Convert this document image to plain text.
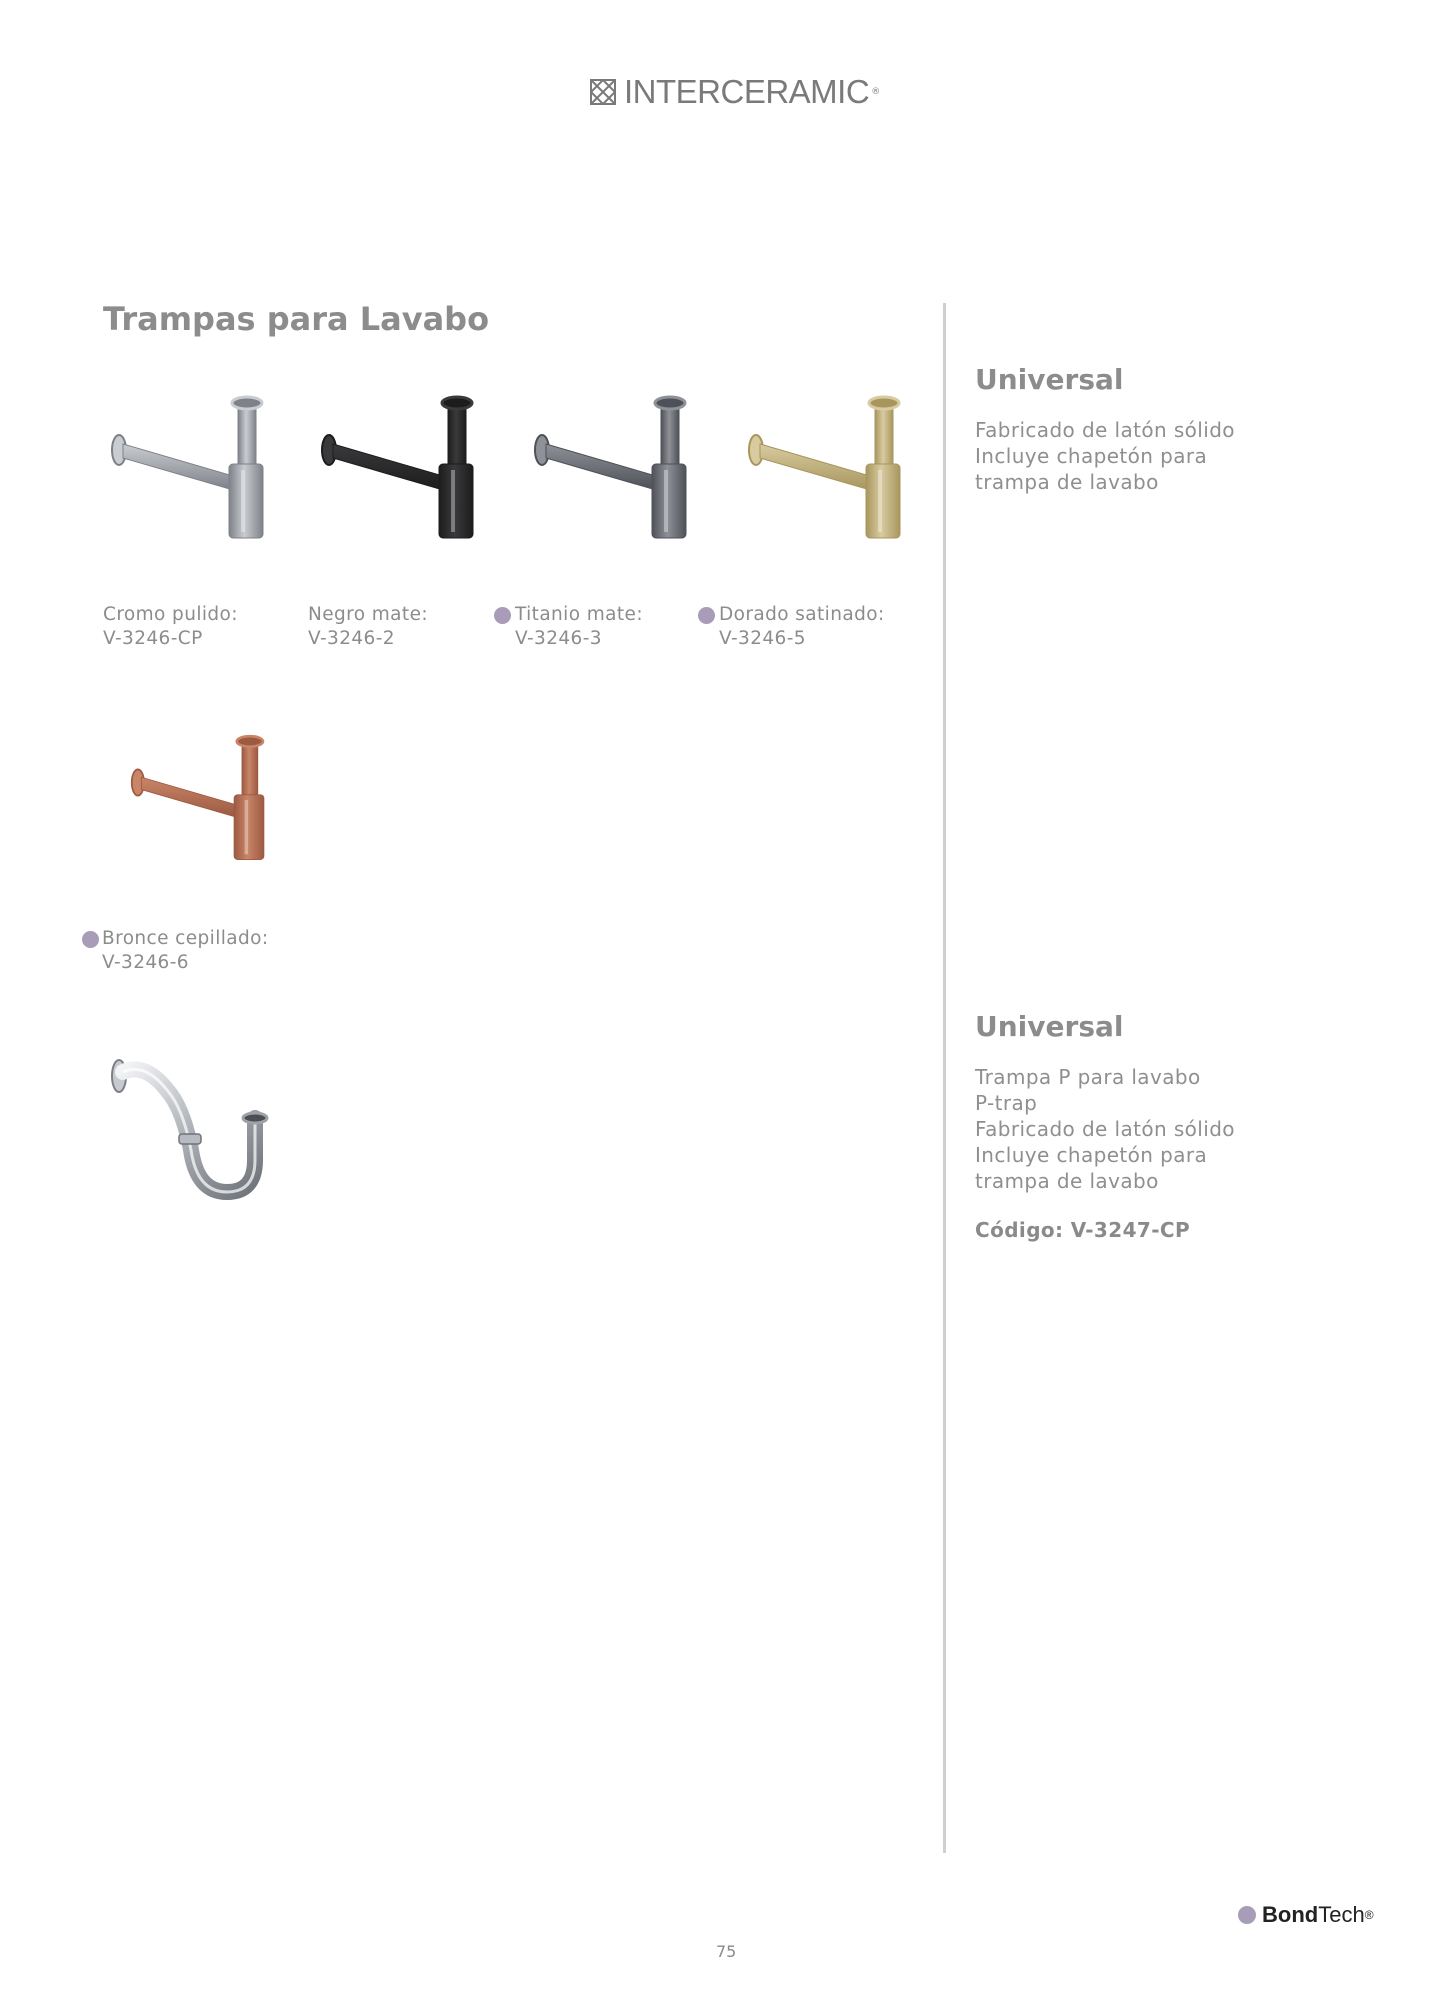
INTERCERAMIC ®
Trampas para Lavabo
Cromo pulido:
V-3246-CP
Negro mate:
V-3246-2
Titanio mate:
V-3246-3
Dorado satinado:
V-3246-5
Bronce cepillado:
V-3246-6
Universal
Fabricado de latón sólido
Incluye chapetón para
trampa de lavabo
Universal
Trampa P para lavabo
P-trap
Fabricado de latón sólido
Incluye chapetón para
trampa de lavabo
Código: V-3247-CP
Bond Tech ®
75
